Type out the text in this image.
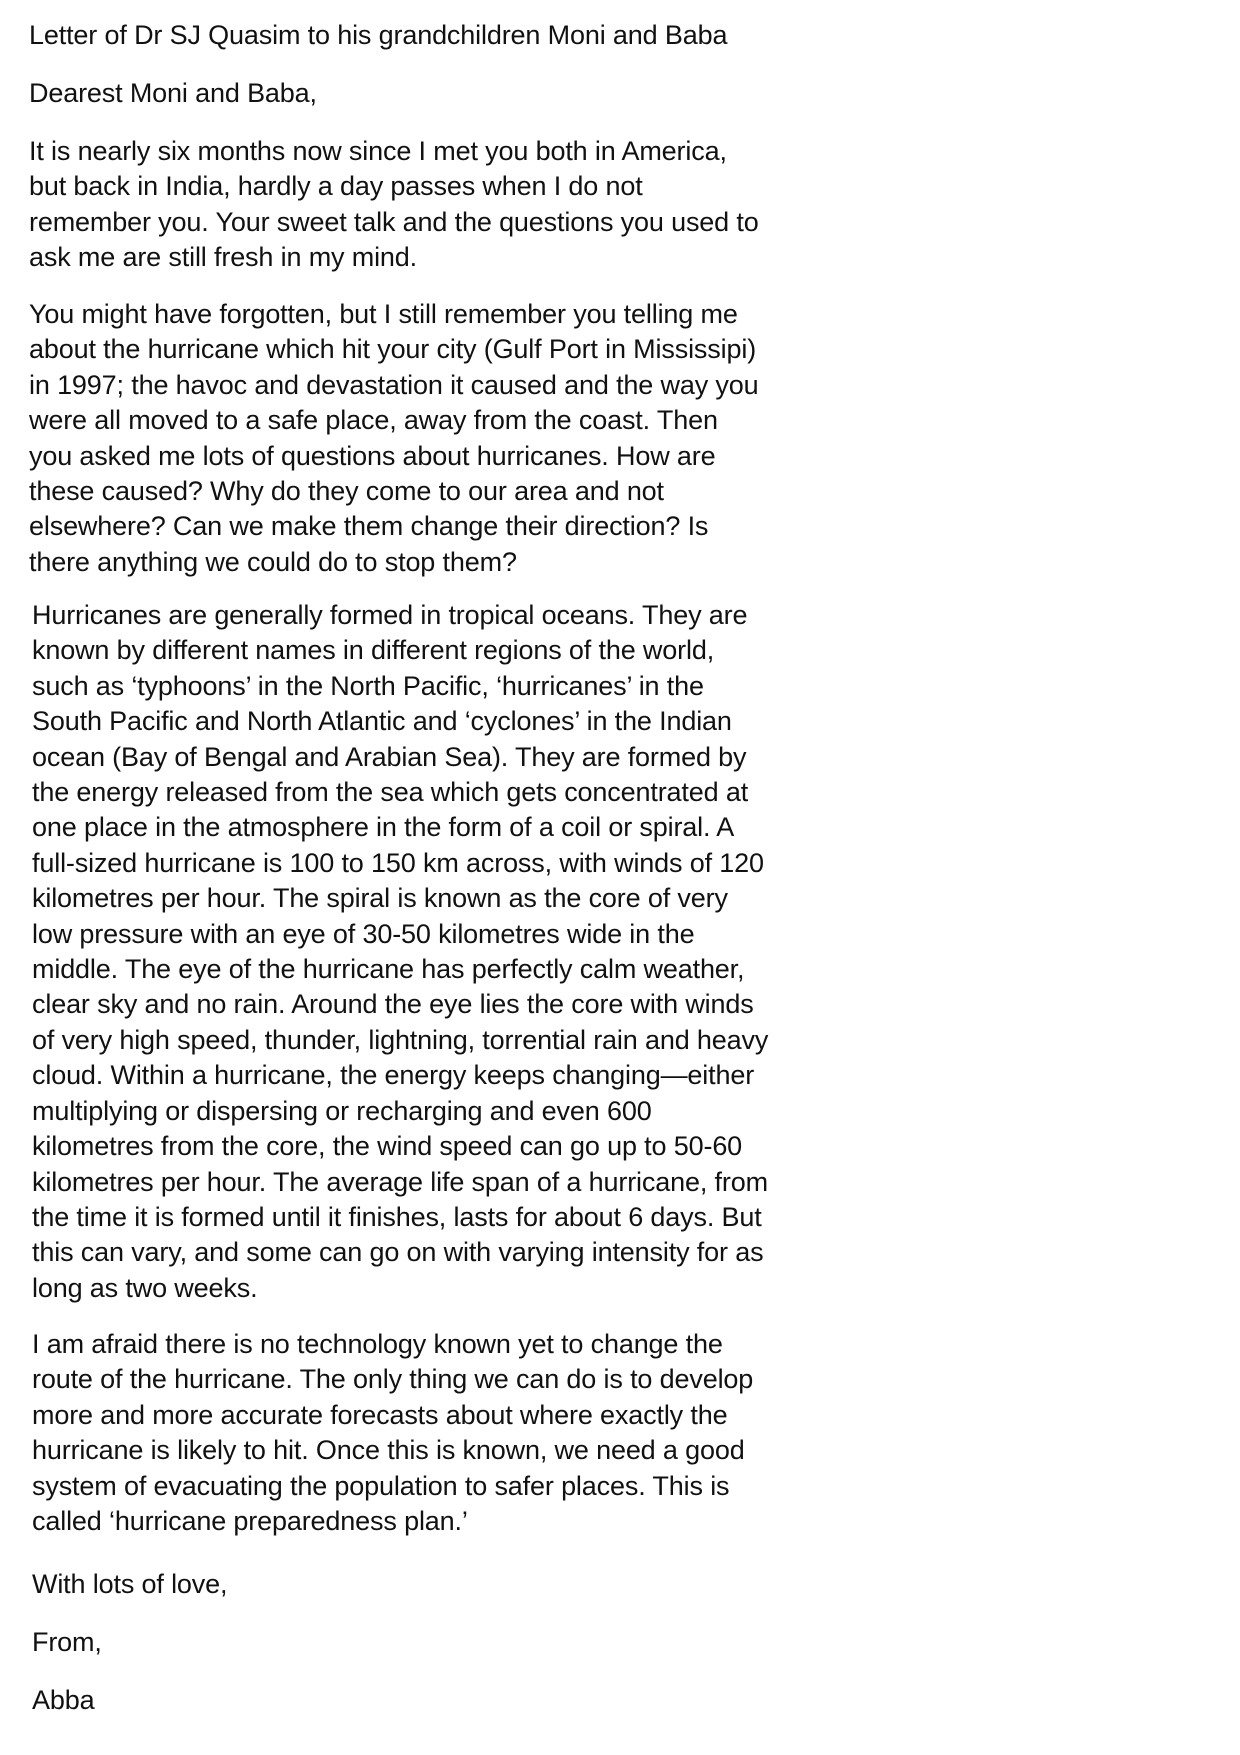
Letter of Dr SJ Quasim to his grandchildren Moni and Baba

Dearest Moni and Baba,

It is nearly six months now since I met you both in America,
but back in India, hardly a day passes when I do not
remember you. Your sweet talk and the questions you used to
ask me are still fresh in my mind.

You might have forgotten, but I still remember you telling me
about the hurricane which hit your city (Gulf Port in Mississipi)
in 1997; the havoc and devastation it caused and the way you
were all moved to a safe place, away from the coast. Then
you asked me lots of questions about hurricanes. How are
these caused? Why do they come to our area and not
elsewhere? Can we make them change their direction? Is
there anything we could do to stop them?

Hurricanes are generally formed in tropical oceans. They are
known by different names in different regions of the world,
such as ‘typhoons’ in the North Pacific, ‘hurricanes’ in the
South Pacific and North Atlantic and ‘cyclones’ in the Indian
ocean (Bay of Bengal and Arabian Sea). They are formed by
the energy released from the sea which gets concentrated at
one place in the atmosphere in the form of a coil or spiral. A
full-sized hurricane is 100 to 150 km across, with winds of 120
kilometres per hour. The spiral is known as the core of very
low pressure with an eye of 30-50 kilometres wide in the
middle. The eye of the hurricane has perfectly calm weather,
clear sky and no rain. Around the eye lies the core with winds
of very high speed, thunder, lightning, torrential rain and heavy
cloud. Within a hurricane, the energy keeps changing—either
multiplying or dispersing or recharging and even 600
kilometres from the core, the wind speed can go up to 50-60
kilometres per hour. The average life span of a hurricane, from
the time it is formed until it finishes, lasts for about 6 days. But
this can vary, and some can go on with varying intensity for as
long as two weeks.

I am afraid there is no technology known yet to change the
route of the hurricane. The only thing we can do is to develop
more and more accurate forecasts about where exactly the
hurricane is likely to hit. Once this is known, we need a good
system of evacuating the population to safer places. This is
called ‘hurricane preparedness plan.’

With lots of love,

From,

Abba
